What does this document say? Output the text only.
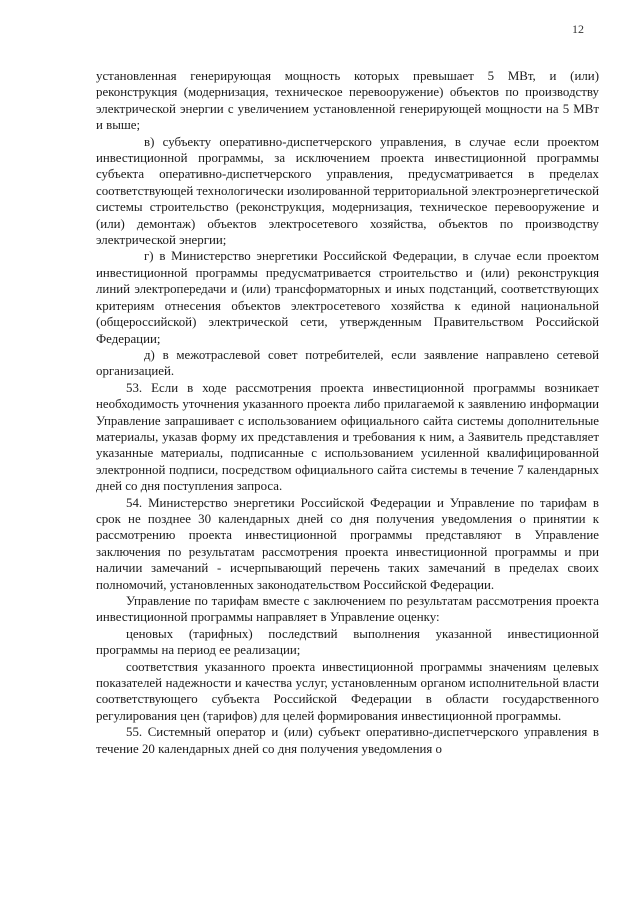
12

установленная генерирующая мощность которых превышает 5 МВт, и (или) реконструкция (модернизация, техническое перевооружение) объектов по производству электрической энергии с увеличением установленной генерирующей мощности на 5 МВт и выше;

в) субъекту оперативно-диспетчерского управления, в случае если проектом инвестиционной программы, за исключением проекта инвестиционной программы субъекта оперативно-диспетчерского управления, предусматривается в пределах соответствующей технологически изолированной территориальной электроэнергетической системы строительство (реконструкция, модернизация, техническое перевооружение и (или) демонтаж) объектов электросетевого хозяйства, объектов по производству электрической энергии;

г) в Министерство энергетики Российской Федерации, в случае если проектом инвестиционной программы предусматривается строительство и (или) реконструкция линий электропередачи и (или) трансформаторных и иных подстанций, соответствующих критериям отнесения объектов электросетевого хозяйства к единой национальной (общероссийской) электрической сети, утвержденным Правительством Российской Федерации;

д) в межотраслевой совет потребителей, если заявление направлено сетевой организацией.

53. Если в ходе рассмотрения проекта инвестиционной программы возникает необходимость уточнения указанного проекта либо прилагаемой к заявлению информации Управление запрашивает с использованием официального сайта системы дополнительные материалы, указав форму их представления и требования к ним, а Заявитель представляет указанные материалы, подписанные с использованием усиленной квалифицированной электронной подписи, посредством официального сайта системы в течение 7 календарных дней со дня поступления запроса.

54. Министерство энергетики Российской Федерации и Управление по тарифам в срок не позднее 30 календарных дней со дня получения уведомления о принятии к рассмотрению проекта инвестиционной программы представляют в Управление заключения по результатам рассмотрения проекта инвестиционной программы и при наличии замечаний - исчерпывающий перечень таких замечаний в пределах своих полномочий, установленных законодательством Российской Федерации.

Управление по тарифам вместе с заключением по результатам рассмотрения проекта инвестиционной программы направляет в Управление оценку:

ценовых (тарифных) последствий выполнения указанной инвестиционной программы на период ее реализации;

соответствия указанного проекта инвестиционной программы значениям целевых показателей надежности и качества услуг, установленным органом исполнительной власти соответствующего субъекта Российской Федерации в области государственного регулирования цен (тарифов) для целей формирования инвестиционной программы.

55. Системный оператор и (или) субъект оперативно-диспетчерского управления в течение 20 календарных дней со дня получения уведомления о
